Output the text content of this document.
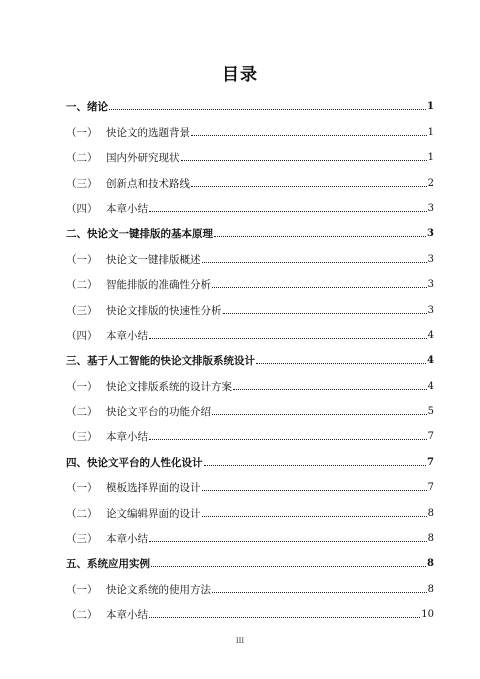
目录
一、绪论	1
（一） 快论文的选题背景	1
（二） 国内外研究现状	1
（三） 创新点和技术路线	2
（四） 本章小结	3
二、快论文一键排版的基本原理	3
（一） 快论文一键排版概述	3
（二） 智能排版的准确性分析	3
（三） 快论文排版的快速性分析	3
（四） 本章小结	4
三、基于人工智能的快论文排版系统设计	4
（一） 快论文排版系统的设计方案	4
（二） 快论文平台的功能介绍	5
（三） 本章小结	7
四、快论文平台的人性化设计	7
（一） 模板选择界面的设计	7
（二） 论文编辑界面的设计	8
（三） 本章小结	8
五、系统应用实例	8
（一） 快论文系统的使用方法	8
（二） 本章小结	10
III
